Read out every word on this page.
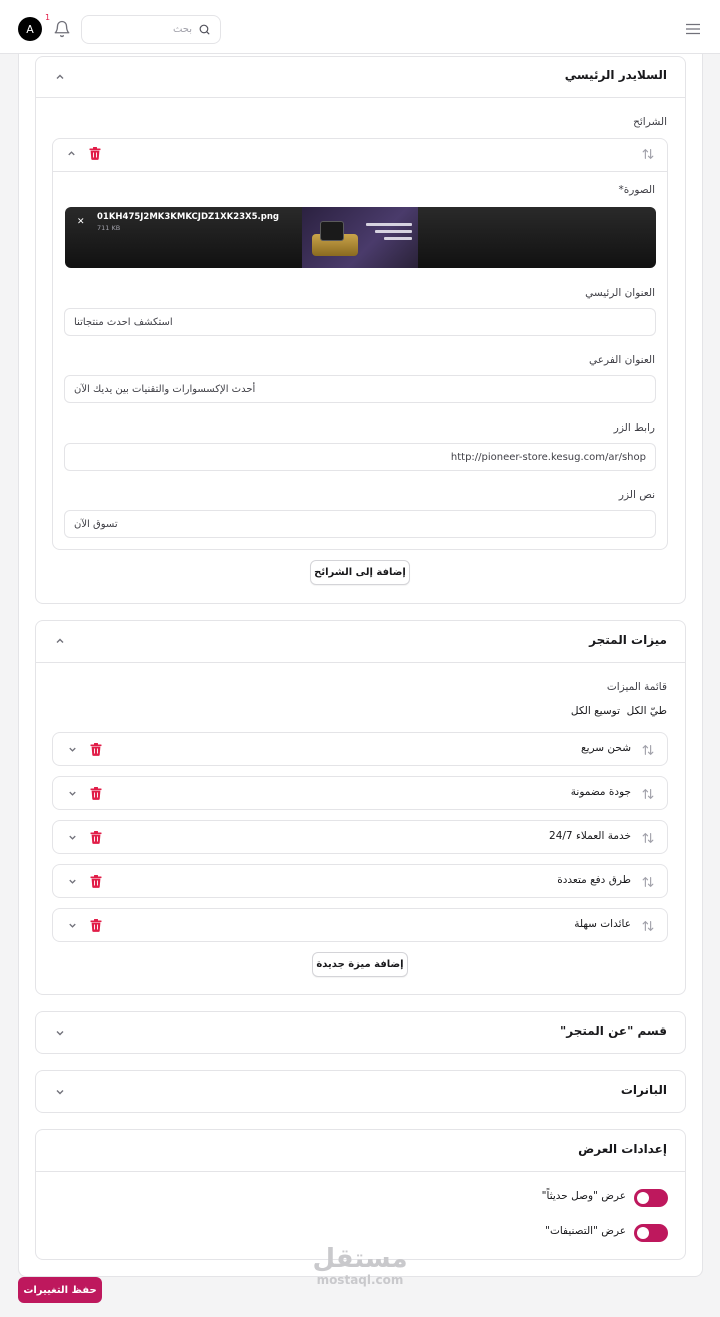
A
1
بحث
السلايدر الرئيسي
الشرائح
الصورة*
✕ 01KH475J2MK3KMKCJDZ1XK23X5.png
711 KB
العنوان الرئيسي
استكشف احدث منتجاتنا
العنوان الفرعي
أحدث الإكسسوارات والتقنيات بين يديك الآن
رابط الزر
http://pioneer-store.kesug.com/ar/shop
نص الزر
تسوق الآن
إضافة إلى الشرائح
ميزات المتجر
قائمة الميزات
طيّ الكل
توسيع الكل
شحن سريع
جودة مضمونة
خدمة العملاء 24/7
طرق دفع متعددة
عائدات سهلة
إضافة ميزة جديدة
قسم "عن المتجر"
البانرات
إعدادات العرض
عرض "وصل حديثاً"
عرض "التصنيفات"
مستقل
mostaql.com
حفظ التغييرات
